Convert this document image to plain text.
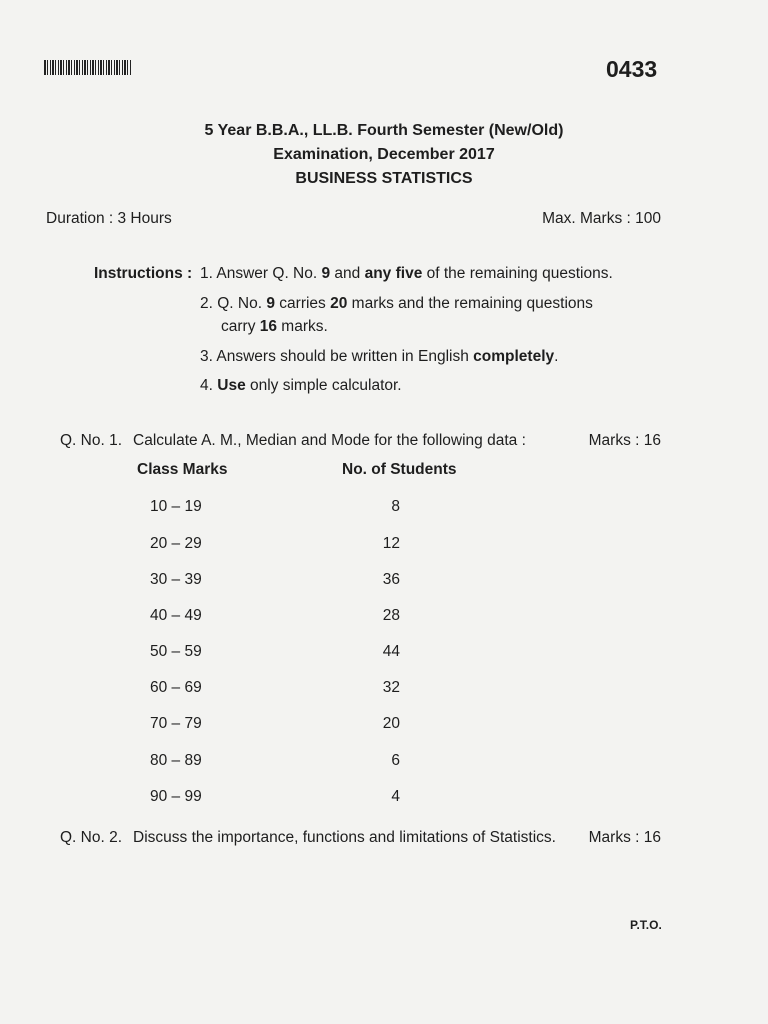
0433
5 Year B.B.A., LL.B. Fourth Semester (New/Old)
Examination, December 2017
BUSINESS STATISTICS
Duration : 3 Hours	Max. Marks : 100
Instructions : 1. Answer Q. No. 9 and any five of the remaining questions.
2. Q. No. 9 carries 20 marks and the remaining questions
carry 16 marks.
3. Answers should be written in English completely.
4. Use only simple calculator.
Q. No. 1. Calculate A. M., Median and Mode for the following data :	Marks : 16
Class Marks	No. of Students
10 – 19	8
20 – 29	12
30 – 39	36
40 – 49	28
50 – 59	44
60 – 69	32
70 – 79	20
80 – 89	6
90 – 99	4
Q. No. 2. Discuss the importance, functions and limitations of Statistics. Marks : 16
P.T.O.
